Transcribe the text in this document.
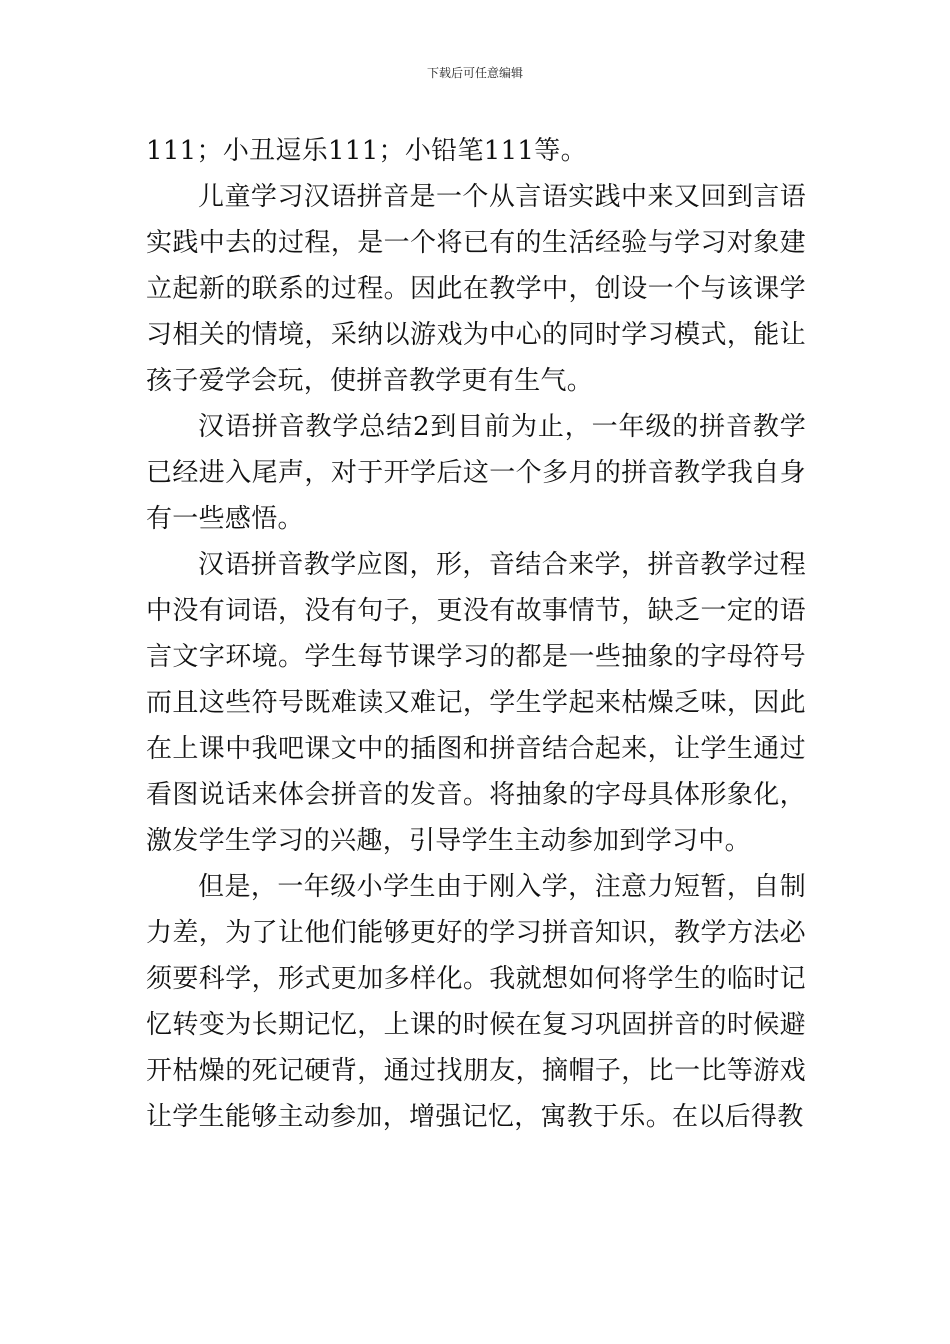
下载后可任意编辑

111；小丑逗乐111；小铅笔111等。

儿童学习汉语拼音是一个从言语实践中来又回到言语实践中去的过程，是一个将已有的生活经验与学习对象建立起新的联系的过程。因此在教学中，创设一个与该课学习相关的情境，采纳以游戏为中心的同时学习模式，能让孩子爱学会玩，使拼音教学更有生气。

汉语拼音教学总结2到目前为止，一年级的拼音教学已经进入尾声，对于开学后这一个多月的拼音教学我自身有一些感悟。

汉语拼音教学应图，形，音结合来学，拼音教学过程中没有词语，没有句子，更没有故事情节，缺乏一定的语言文字环境。学生每节课学习的都是一些抽象的字母符号而且这些符号既难读又难记，学生学起来枯燥乏味，因此在上课中我吧课文中的插图和拼音结合起来，让学生通过看图说话来体会拼音的发音。将抽象的字母具体形象化，激发学生学习的兴趣，引导学生主动参加到学习中。

但是，一年级小学生由于刚入学，注意力短暂，自制力差，为了让他们能够更好的学习拼音知识，教学方法必须要科学，形式更加多样化。我就想如何将学生的临时记忆转变为长期记忆，上课的时候在复习巩固拼音的时候避开枯燥的死记硬背，通过找朋友，摘帽子，比一比等游戏让学生能够主动参加，增强记忆，寓教于乐。在以后得教
